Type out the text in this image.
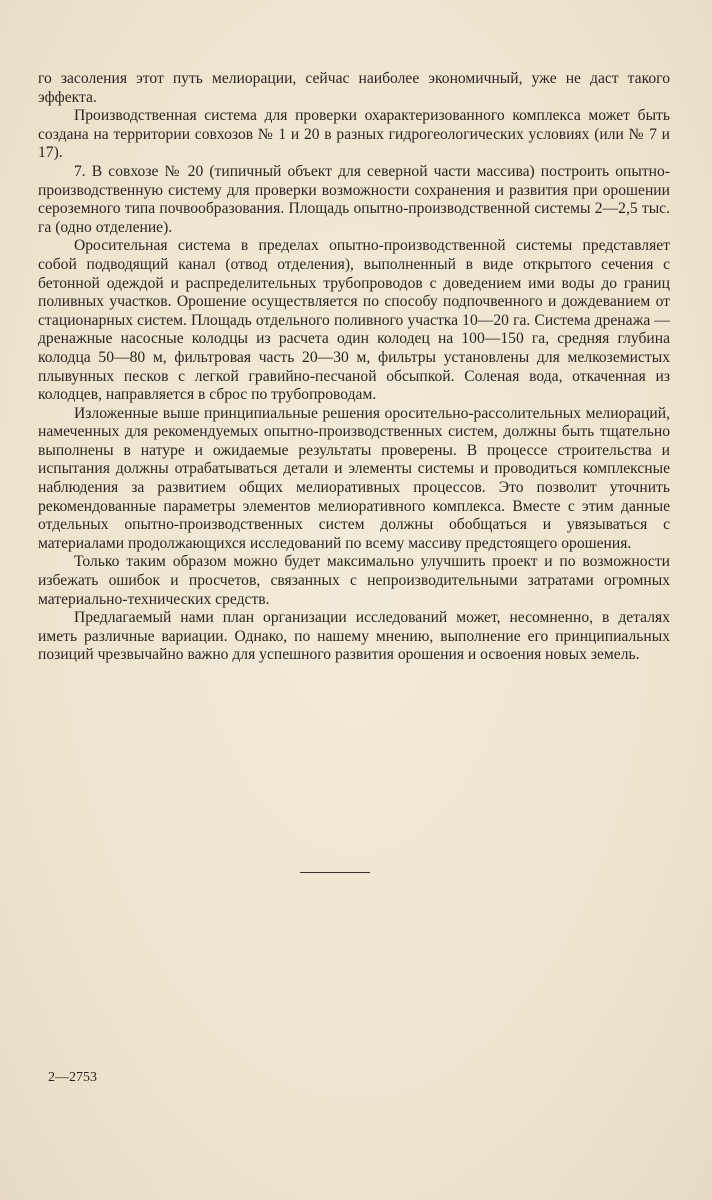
го засоления этот путь мелиорации, сейчас наиболее экономичный, уже не даст такого эффекта.

Производственная система для проверки охарактеризованного комплекса может быть создана на территории совхозов № 1 и 20 в разных гидрогеологических условиях (или № 7 и 17).

7. В совхозе № 20 (типичный объект для северной части массива) построить опытно-производственную систему для проверки возможности сохранения и развития при орошении сероземного типа почвообразования. Площадь опытно-производственной системы 2—2,5 тыс. га (одно отделение).

Оросительная система в пределах опытно-производственной системы представляет собой подводящий канал (отвод отделения), выполненный в виде открытого сечения с бетонной одеждой и распределительных трубопроводов с доведением ими воды до границ поливных участков. Орошение осуществляется по способу подпочвенного и дождеванием от стационарных систем. Площадь отдельного поливного участка 10—20 га. Система дренажа — дренажные насосные колодцы из расчета один колодец на 100—150 га, средняя глубина колодца 50—80 м, фильтровая часть 20—30 м, фильтры установлены для мелкоземистых плывунных песков с легкой гравийно-песчаной обсыпкой. Соленая вода, откаченная из колодцев, направляется в сброс по трубопроводам.

Изложенные выше принципиальные решения оросительно-рассолительных мелиораций, намеченных для рекомендуемых опытно-производственных систем, должны быть тщательно выполнены в натуре и ожидаемые результаты проверены. В процессе строительства и испытания должны отрабатываться детали и элементы системы и проводиться комплексные наблюдения за развитием общих мелиоративных процессов. Это позволит уточнить рекомендованные параметры элементов мелиоративного комплекса. Вместе с этим данные отдельных опытно-производственных систем должны обобщаться и увязываться с материалами продолжающихся исследований по всему массиву предстоящего орошения.

Только таким образом можно будет максимально улучшить проект и по возможности избежать ошибок и просчетов, связанных с непроизводительными затратами огромных материально-технических средств.

Предлагаемый нами план организации исследований может, несомненно, в деталях иметь различные вариации. Однако, по нашему мнению, выполнение его принципиальных позиций чрезвычайно важно для успешного развития орошения и освоения новых земель.

2—2753
